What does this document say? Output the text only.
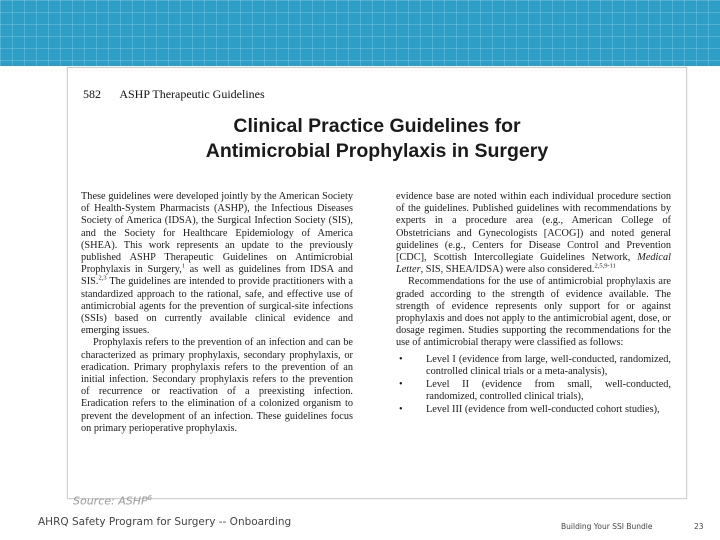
582 ASHP Therapeutic Guidelines
Clinical Practice Guidelines for
Antimicrobial Prophylaxis in Surgery

These guidelines were developed jointly by the American Society of Health-System Pharmacists (ASHP), the Infectious Diseases Society of America (IDSA), the Surgical Infection Society (SIS), and the Society for Healthcare Epidemiology of America (SHEA). This work represents an update to the previously published ASHP Therapeutic Guidelines on Antimicrobial Prophylaxis in Surgery,$^1$ as well as guidelines from IDSA and SIS.$^{2,3}$ The guidelines are intended to provide practitioners with a standardized approach to the rational, safe, and effective use of antimicrobial agents for the prevention of surgical-site infections (SSIs) based on currently available clinical evidence and emerging issues.

Prophylaxis refers to the prevention of an infection and can be characterized as primary prophylaxis, secondary prophylaxis, or eradication. Primary prophylaxis refers to the prevention of an initial infection. Secondary prophylaxis refers to the prevention of recurrence or reactivation of a preexisting infection. Eradication refers to the elimination of a colonized organism to prevent the development of an infection. These guidelines focus on primary perioperative prophylaxis.

evidence base are noted within each individual procedure section of the guidelines. Published guidelines with recommendations by experts in a procedure area (e.g., American College of Obstetricians and Gynecologists [ACOG]) and noted general guidelines (e.g., Centers for Disease Control and Prevention [CDC], Scottish Intercollegiate Guidelines Network, Medical Letter, SIS, SHEA/IDSA) were also considered.$^{2,5,9-11}$

Recommendations for the use of antimicrobial prophylaxis are graded according to the strength of evidence available. The strength of evidence represents only support for or against prophylaxis and does not apply to the antimicrobial agent, dose, or dosage regimen. Studies supporting the recommendations for the use of antimicrobial therapy were classified as follows:

• Level I (evidence from large, well-conducted, randomized, controlled clinical trials or a meta-analysis),
• Level II (evidence from small, well-conducted, randomized, controlled clinical trials),
• Level III (evidence from well-conducted cohort studies),
Source: ASHP$^6$
AHRQ Safety Program for Surgery -- Onboarding	Building Your SSI Bundle	23
